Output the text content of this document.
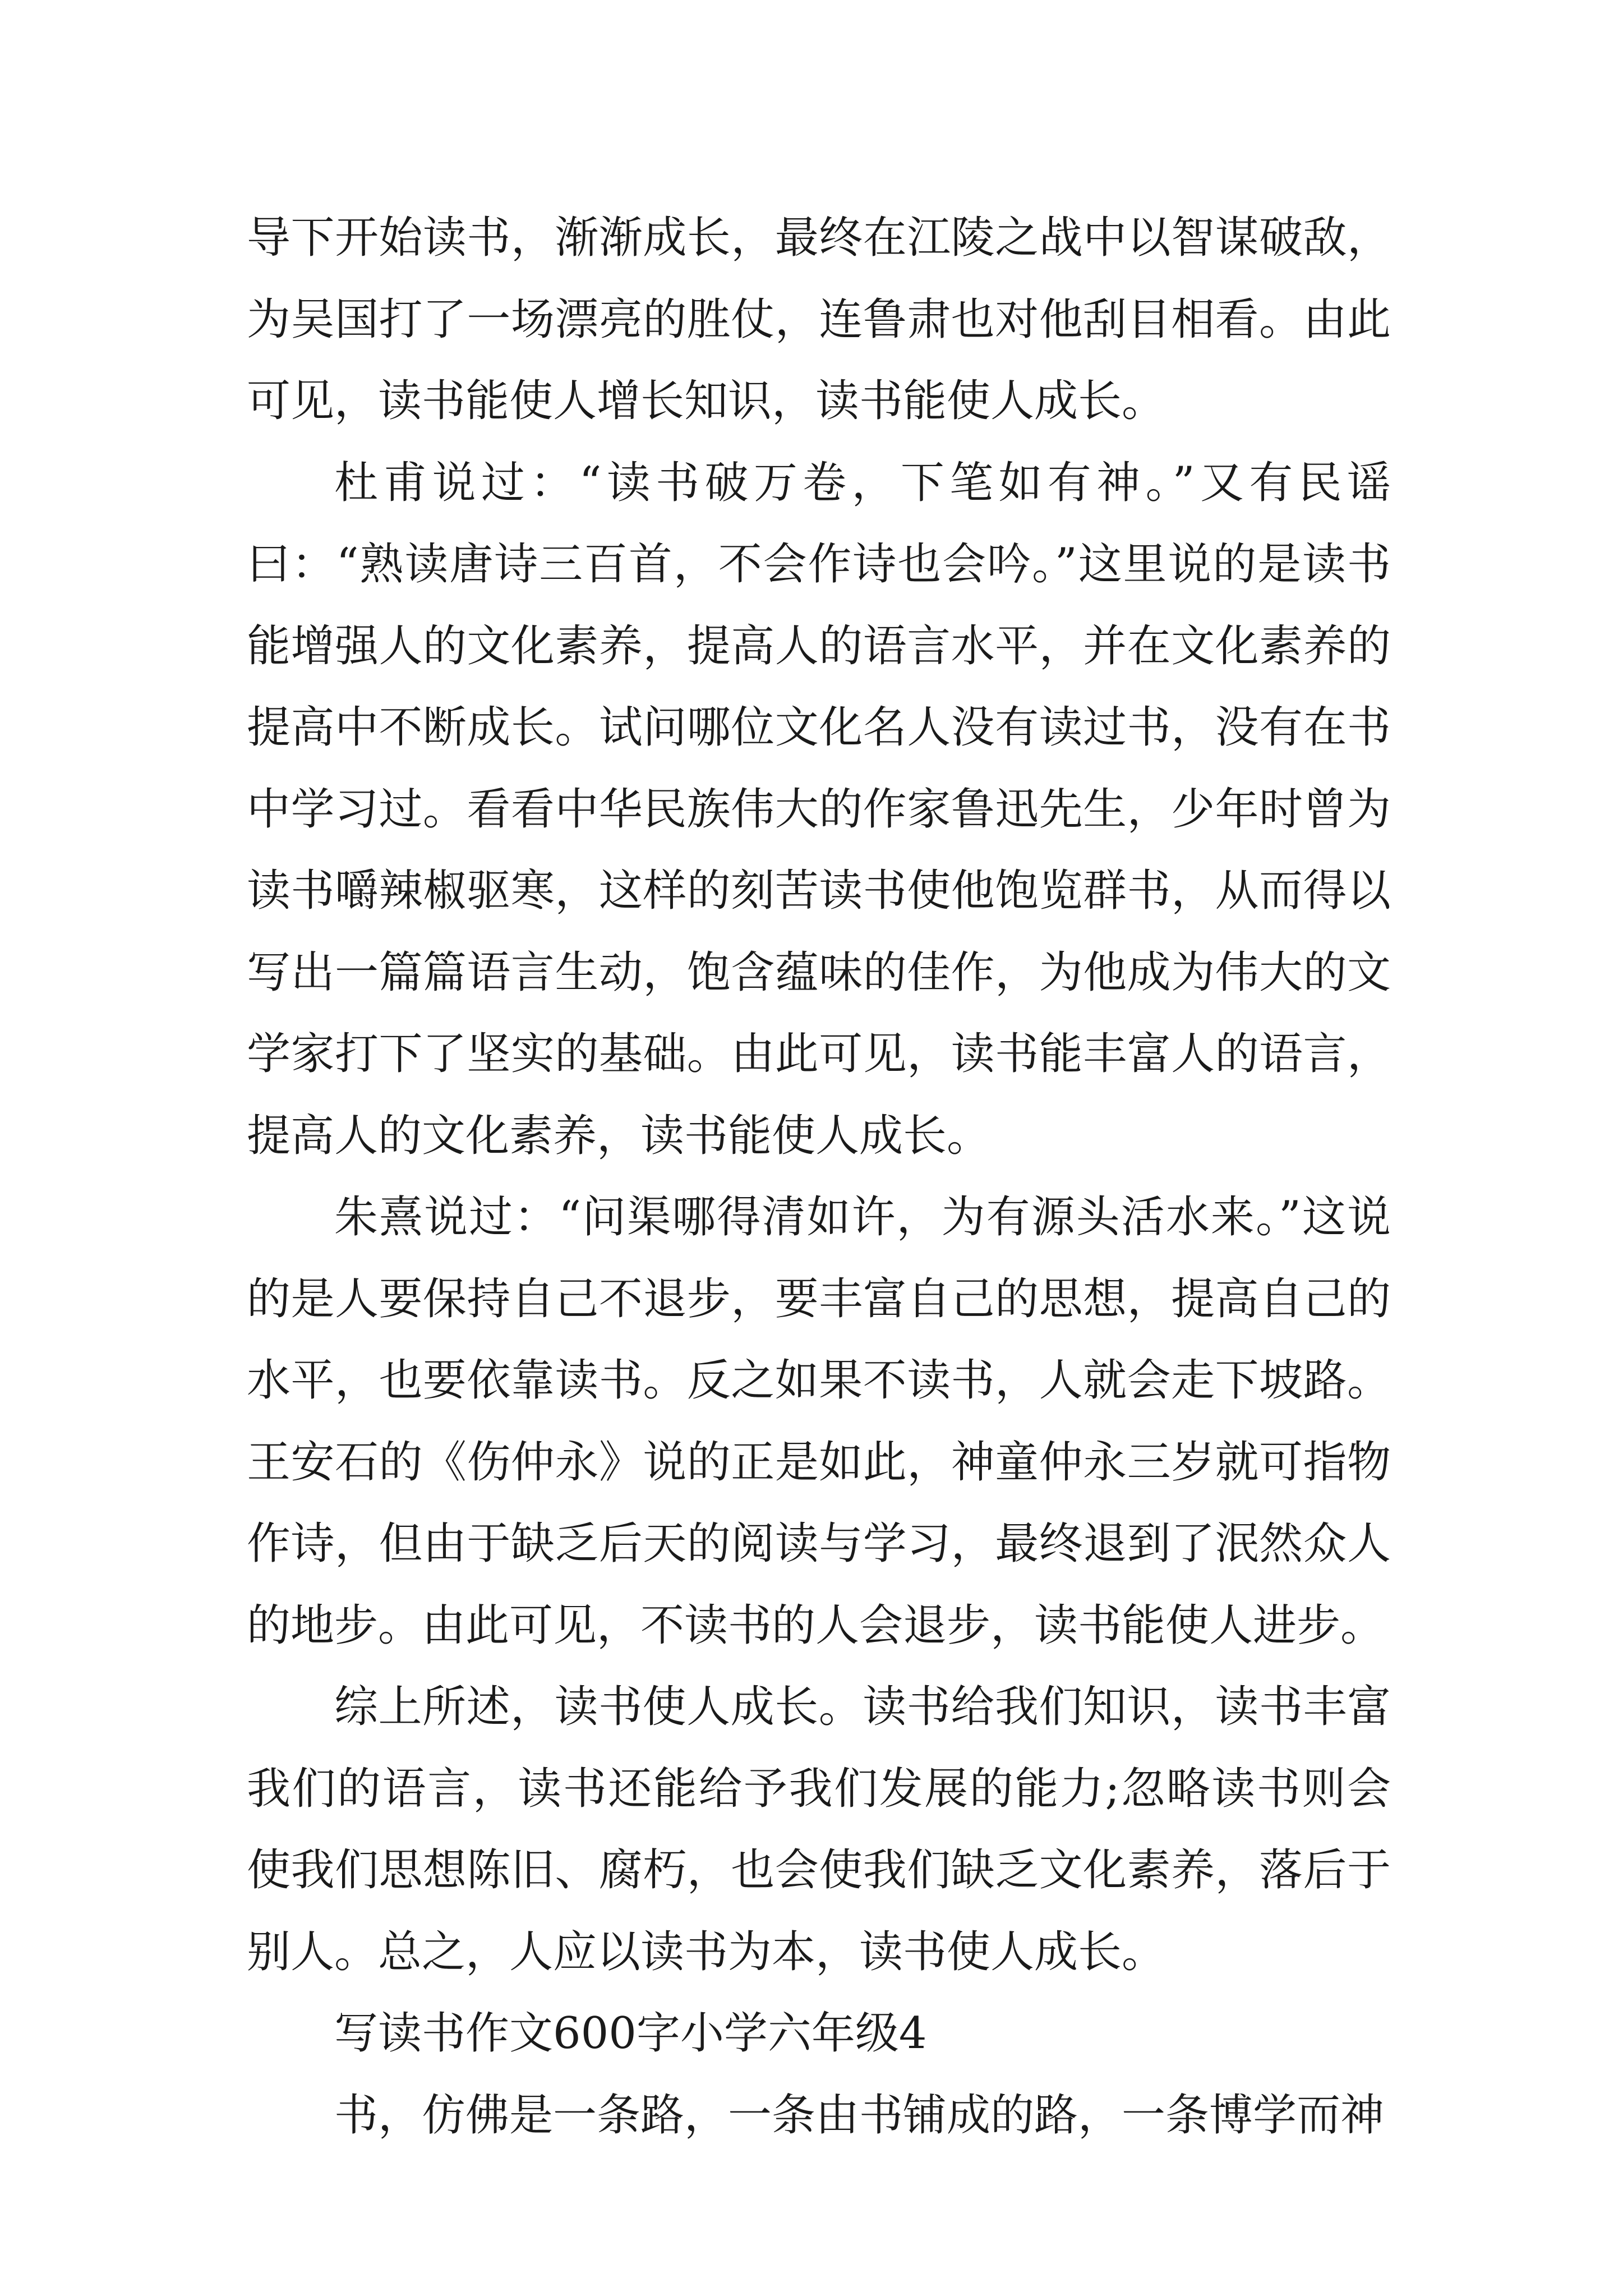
导下开始读书，渐渐成长，最终在江陵之战中以智谋破敌，为吴国打了一场漂亮的胜仗，连鲁肃也对他刮目相看。由此可见，读书能使人增长知识，读书能使人成长。

杜甫说过：“读书破万卷，下笔如有神。”又有民谣曰：“熟读唐诗三百首，不会作诗也会吟。”这里说的是读书能增强人的文化素养，提高人的语言水平，并在文化素养的提高中不断成长。试问哪位文化名人没有读过书，没有在书中学习过。看看中华民族伟大的作家鲁迅先生，少年时曾为读书嚼辣椒驱寒，这样的刻苦读书使他饱览群书，从而得以写出一篇篇语言生动，饱含蕴味的佳作，为他成为伟大的文学家打下了坚实的基础。由此可见，读书能丰富人的语言，提高人的文化素养，读书能使人成长。

朱熹说过：“问渠哪得清如许，为有源头活水来。”这说的是人要保持自己不退步，要丰富自己的思想，提高自己的水平，也要依靠读书。反之如果不读书，人就会走下坡路。王安石的《伤仲永》说的正是如此，神童仲永三岁就可指物作诗，但由于缺乏后天的阅读与学习，最终退到了泯然众人的地步。由此可见，不读书的人会退步，读书能使人进步。

综上所述，读书使人成长。读书给我们知识，读书丰富我们的语言，读书还能给予我们发展的能力;忽略读书则会使我们思想陈旧、腐朽，也会使我们缺乏文化素养，落后于别人。总之，人应以读书为本，读书使人成长。

写读书作文600字小学六年级4

书，仿佛是一条路，一条由书铺成的路，一条博学而神
